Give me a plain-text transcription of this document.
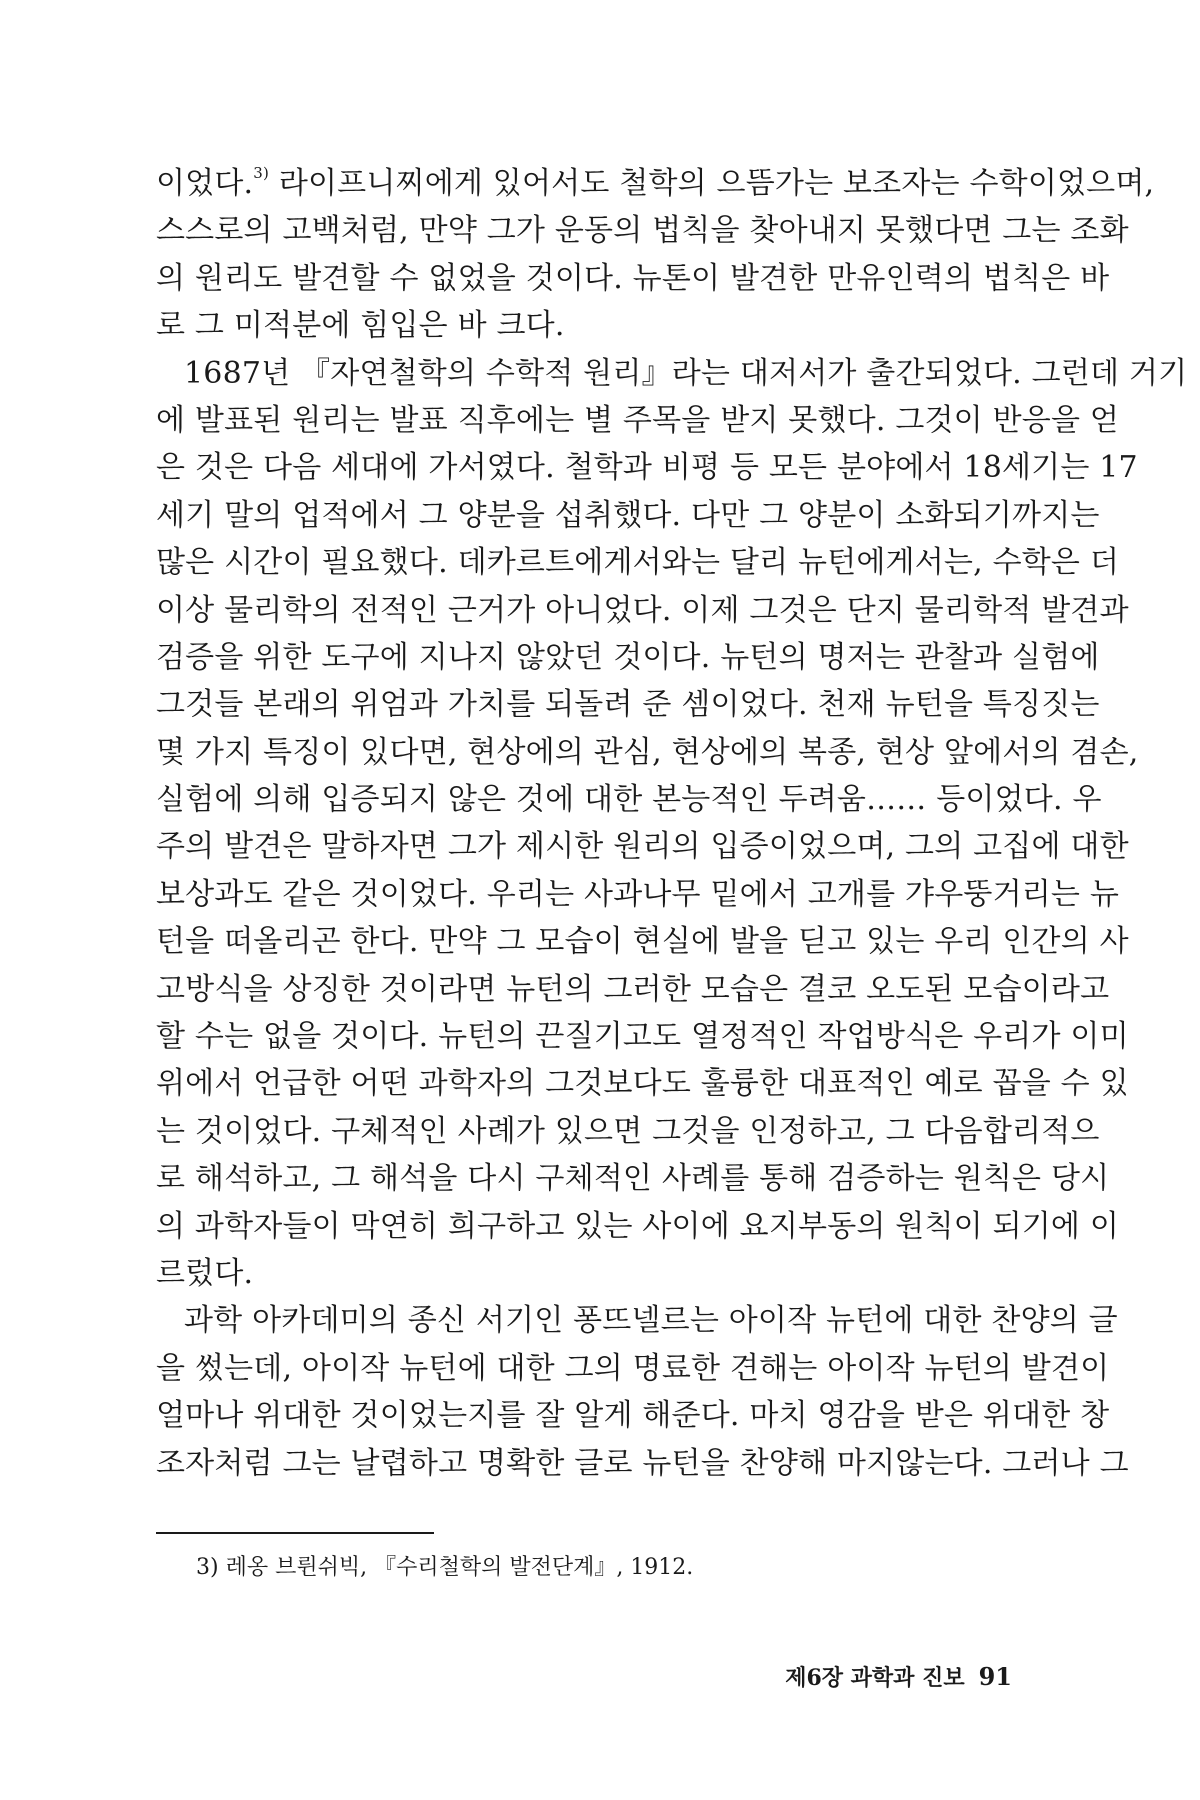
이었다.$^{3)}$ 라이프니찌에게 있어서도 철학의 으뜸가는 보조자는 수학이었으며,
스스로의 고백처럼, 만약 그가 운동의 법칙을 찾아내지 못했다면 그는 조화
의 원리도 발견할 수 없었을 것이다. 뉴톤이 발견한 만유인력의 법칙은 바
로 그 미적분에 힘입은 바 크다.
1687년 『자연철학의 수학적 원리』라는 대저서가 출간되었다. 그런데 거기
에 발표된 원리는 발표 직후에는 별 주목을 받지 못했다. 그것이 반응을 얻
은 것은 다음 세대에 가서였다. 철학과 비평 등 모든 분야에서 18세기는 17
세기 말의 업적에서 그 양분을 섭취했다. 다만 그 양분이 소화되기까지는
많은 시간이 필요했다. 데카르트에게서와는 달리 뉴턴에게서는, 수학은 더
이상 물리학의 전적인 근거가 아니었다. 이제 그것은 단지 물리학적 발견과
검증을 위한 도구에 지나지 않았던 것이다. 뉴턴의 명저는 관찰과 실험에
그것들 본래의 위엄과 가치를 되돌려 준 셈이었다. 천재 뉴턴을 특징짓는
몇 가지 특징이 있다면, 현상에의 관심, 현상에의 복종, 현상 앞에서의 겸손,
실험에 의해 입증되지 않은 것에 대한 본능적인 두려움…… 등이었다. 우
주의 발견은 말하자면 그가 제시한 원리의 입증이었으며, 그의 고집에 대한
보상과도 같은 것이었다. 우리는 사과나무 밑에서 고개를 갸우뚱거리는 뉴
턴을 떠올리곤 한다. 만약 그 모습이 현실에 발을 딛고 있는 우리 인간의 사
고방식을 상징한 것이라면 뉴턴의 그러한 모습은 결코 오도된 모습이라고
할 수는 없을 것이다. 뉴턴의 끈질기고도 열정적인 작업방식은 우리가 이미
위에서 언급한 어떤 과학자의 그것보다도 훌륭한 대표적인 예로 꼽을 수 있
는 것이었다. 구체적인 사례가 있으면 그것을 인정하고, 그 다음합리적으
로 해석하고, 그 해석을 다시 구체적인 사례를 통해 검증하는 원칙은 당시
의 과학자들이 막연히 희구하고 있는 사이에 요지부동의 원칙이 되기에 이
르렀다.
과학 아카데미의 종신 서기인 퐁뜨넬르는 아이작 뉴턴에 대한 찬양의 글
을 썼는데, 아이작 뉴턴에 대한 그의 명료한 견해는 아이작 뉴턴의 발견이
얼마나 위대한 것이었는지를 잘 알게 해준다. 마치 영감을 받은 위대한 창
조자처럼 그는 날렵하고 명확한 글로 뉴턴을 찬양해 마지않는다. 그러나 그
3) 레옹 브륀쉬빅, 『수리철학의 발전단계』, 1912.
제6장 과학과 진보 91
